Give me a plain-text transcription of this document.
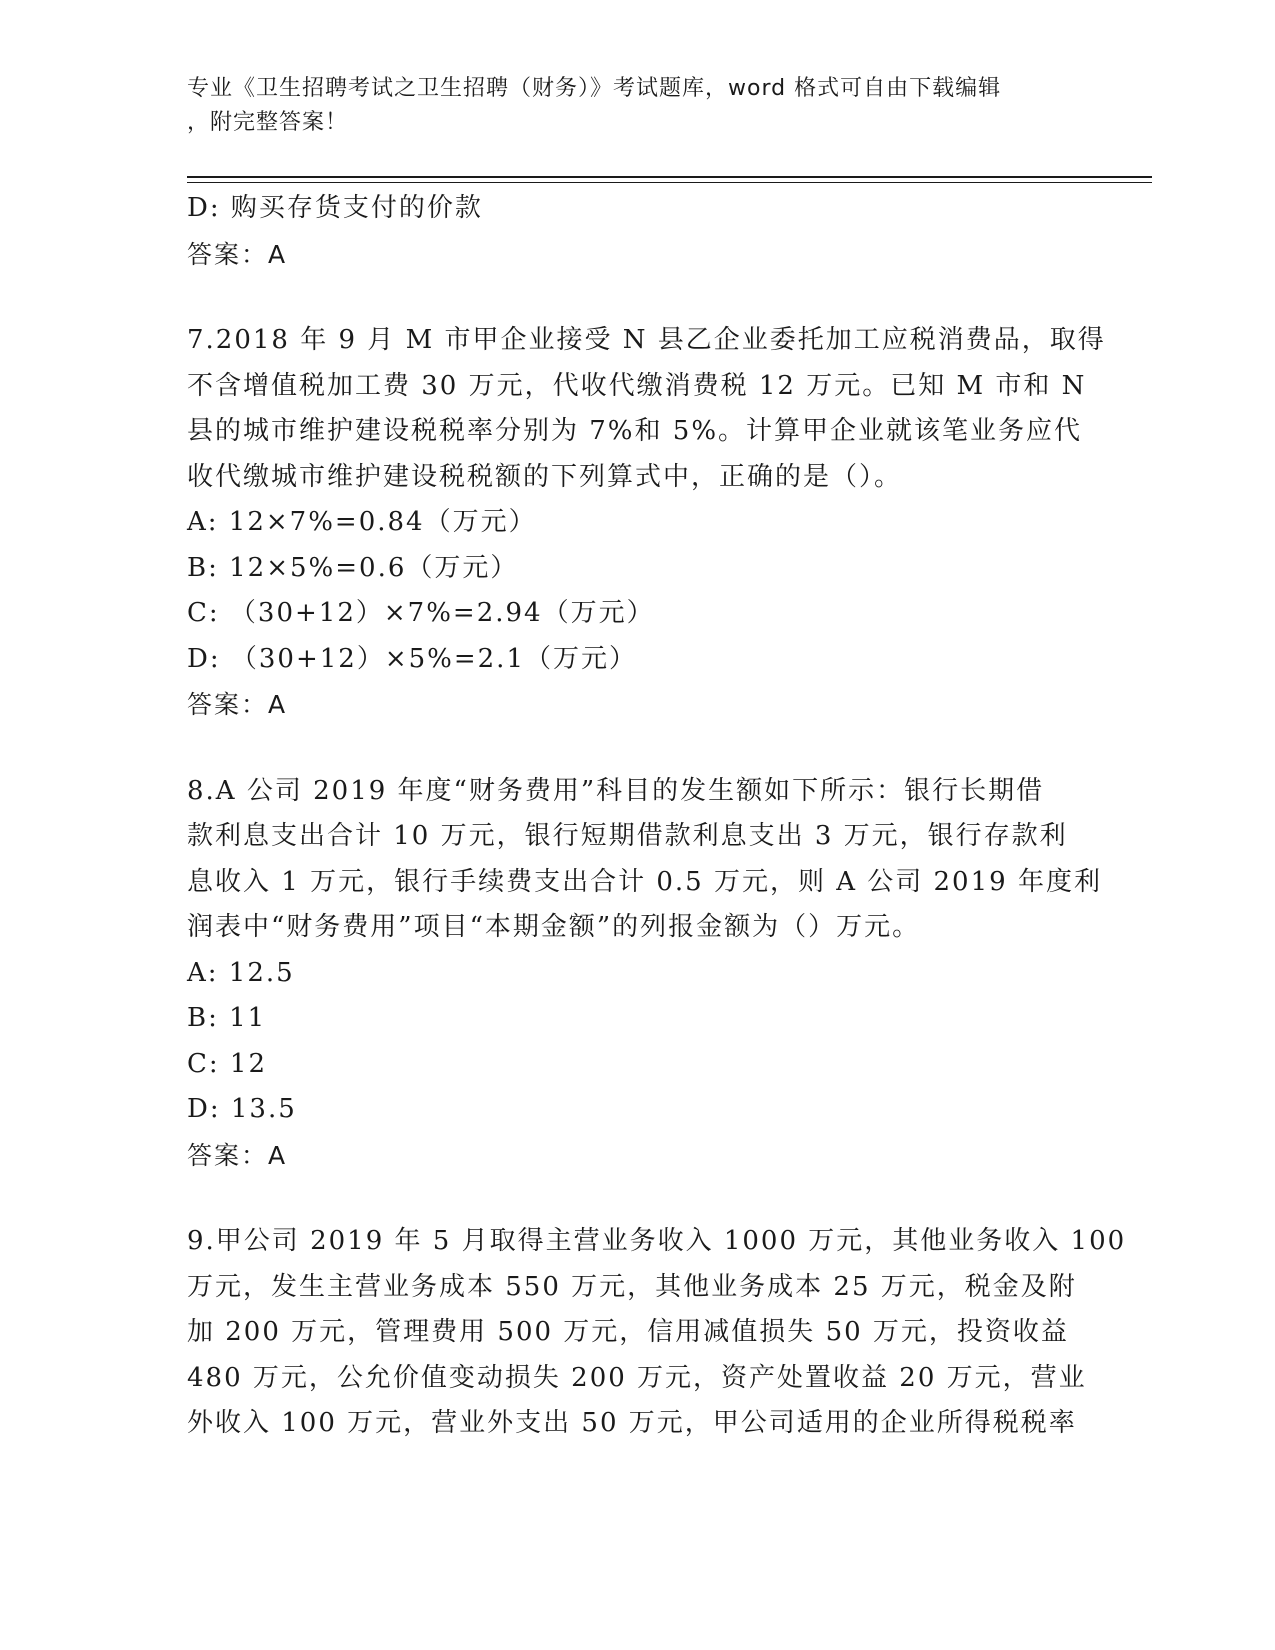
专业《卫生招聘考试之卫生招聘（财务）》考试题库，word 格式可自由下载编辑
，附完整答案！
D: 购买存货支付的价款
答案：A
7.2018 年 9 月 M 市甲企业接受 N 县乙企业委托加工应税消费品，取得
不含增值税加工费 30 万元，代收代缴消费税 12 万元。已知 M 市和 N
县的城市维护建设税税率分别为 7%和 5%。计算甲企业就该笔业务应代
收代缴城市维护建设税税额的下列算式中，正确的是（）。
A: 12×7%=0.84（万元）
B: 12×5%=0.6（万元）
C: （30+12）×7%=2.94（万元）
D: （30+12）×5%=2.1（万元）
答案：A
8.A 公司 2019 年度“财务费用”科目的发生额如下所示：银行长期借
款利息支出合计 10 万元，银行短期借款利息支出 3 万元，银行存款利
息收入 1 万元，银行手续费支出合计 0.5 万元，则 A 公司 2019 年度利
润表中“财务费用”项目“本期金额”的列报金额为（）万元。
A: 12.5
B: 11
C: 12
D: 13.5
答案：A
9.甲公司 2019 年 5 月取得主营业务收入 1000 万元，其他业务收入 100
万元，发生主营业务成本 550 万元，其他业务成本 25 万元，税金及附
加 200 万元，管理费用 500 万元，信用减值损失 50 万元，投资收益
480 万元，公允价值变动损失 200 万元，资产处置收益 20 万元，营业
外收入 100 万元，营业外支出 50 万元，甲公司适用的企业所得税税率
